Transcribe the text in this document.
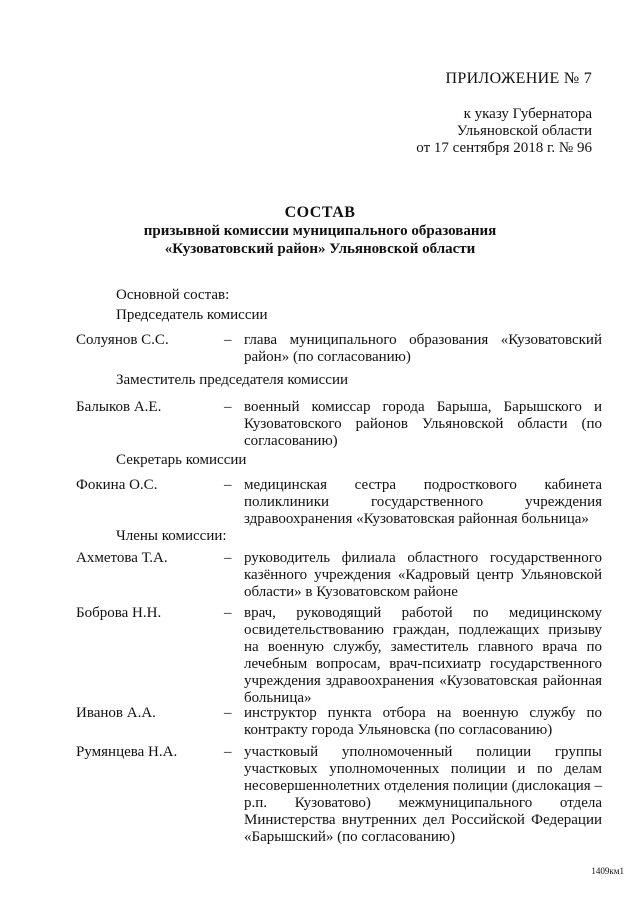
ПРИЛОЖЕНИЕ № 7
к указу Губернатора
Ульяновской области
от 17 сентября 2018 г. № 96
СОСТАВ
призывной комиссии муниципального образования
«Кузоватовский район» Ульяновской области
Основной состав:
Председатель комиссии
Солуянов С.С.	– глава муниципального образования «Кузоватовский район» (по согласованию)
Заместитель председателя комиссии
Балыков А.Е.	– военный комиссар города Барыша, Барышского и Кузоватовского районов Ульяновской области (по согласованию)
Секретарь комиссии
Фокина О.С.	– медицинская сестра подросткового кабинета поликлиники государственного учреждения здравоохранения «Кузоватовская районная больница»
Члены комиссии:
Ахметова Т.А.	– руководитель филиала областного государственного казённого учреждения «Кадровый центр Ульяновской области» в Кузоватовском районе
Боброва Н.Н.	– врач, руководящий работой по медицинскому освидетельствованию граждан, подлежащих призыву на военную службу, заместитель главного врача по лечебным вопросам, врач-психиатр государственного учреждения здравоохранения «Кузоватовская районная больница»
Иванов А.А.	– инструктор пункта отбора на военную службу по контракту города Ульяновска (по согласованию)
Румянцева Н.А.	– участковый уполномоченный полиции группы участковых уполномоченных полиции и по делам несовершеннолетних отделения полиции (дислокация – р.п. Кузоватово) межмуниципального отдела Министерства внутренних дел Российской Федерации «Барышский» (по согласованию)
1409км1
